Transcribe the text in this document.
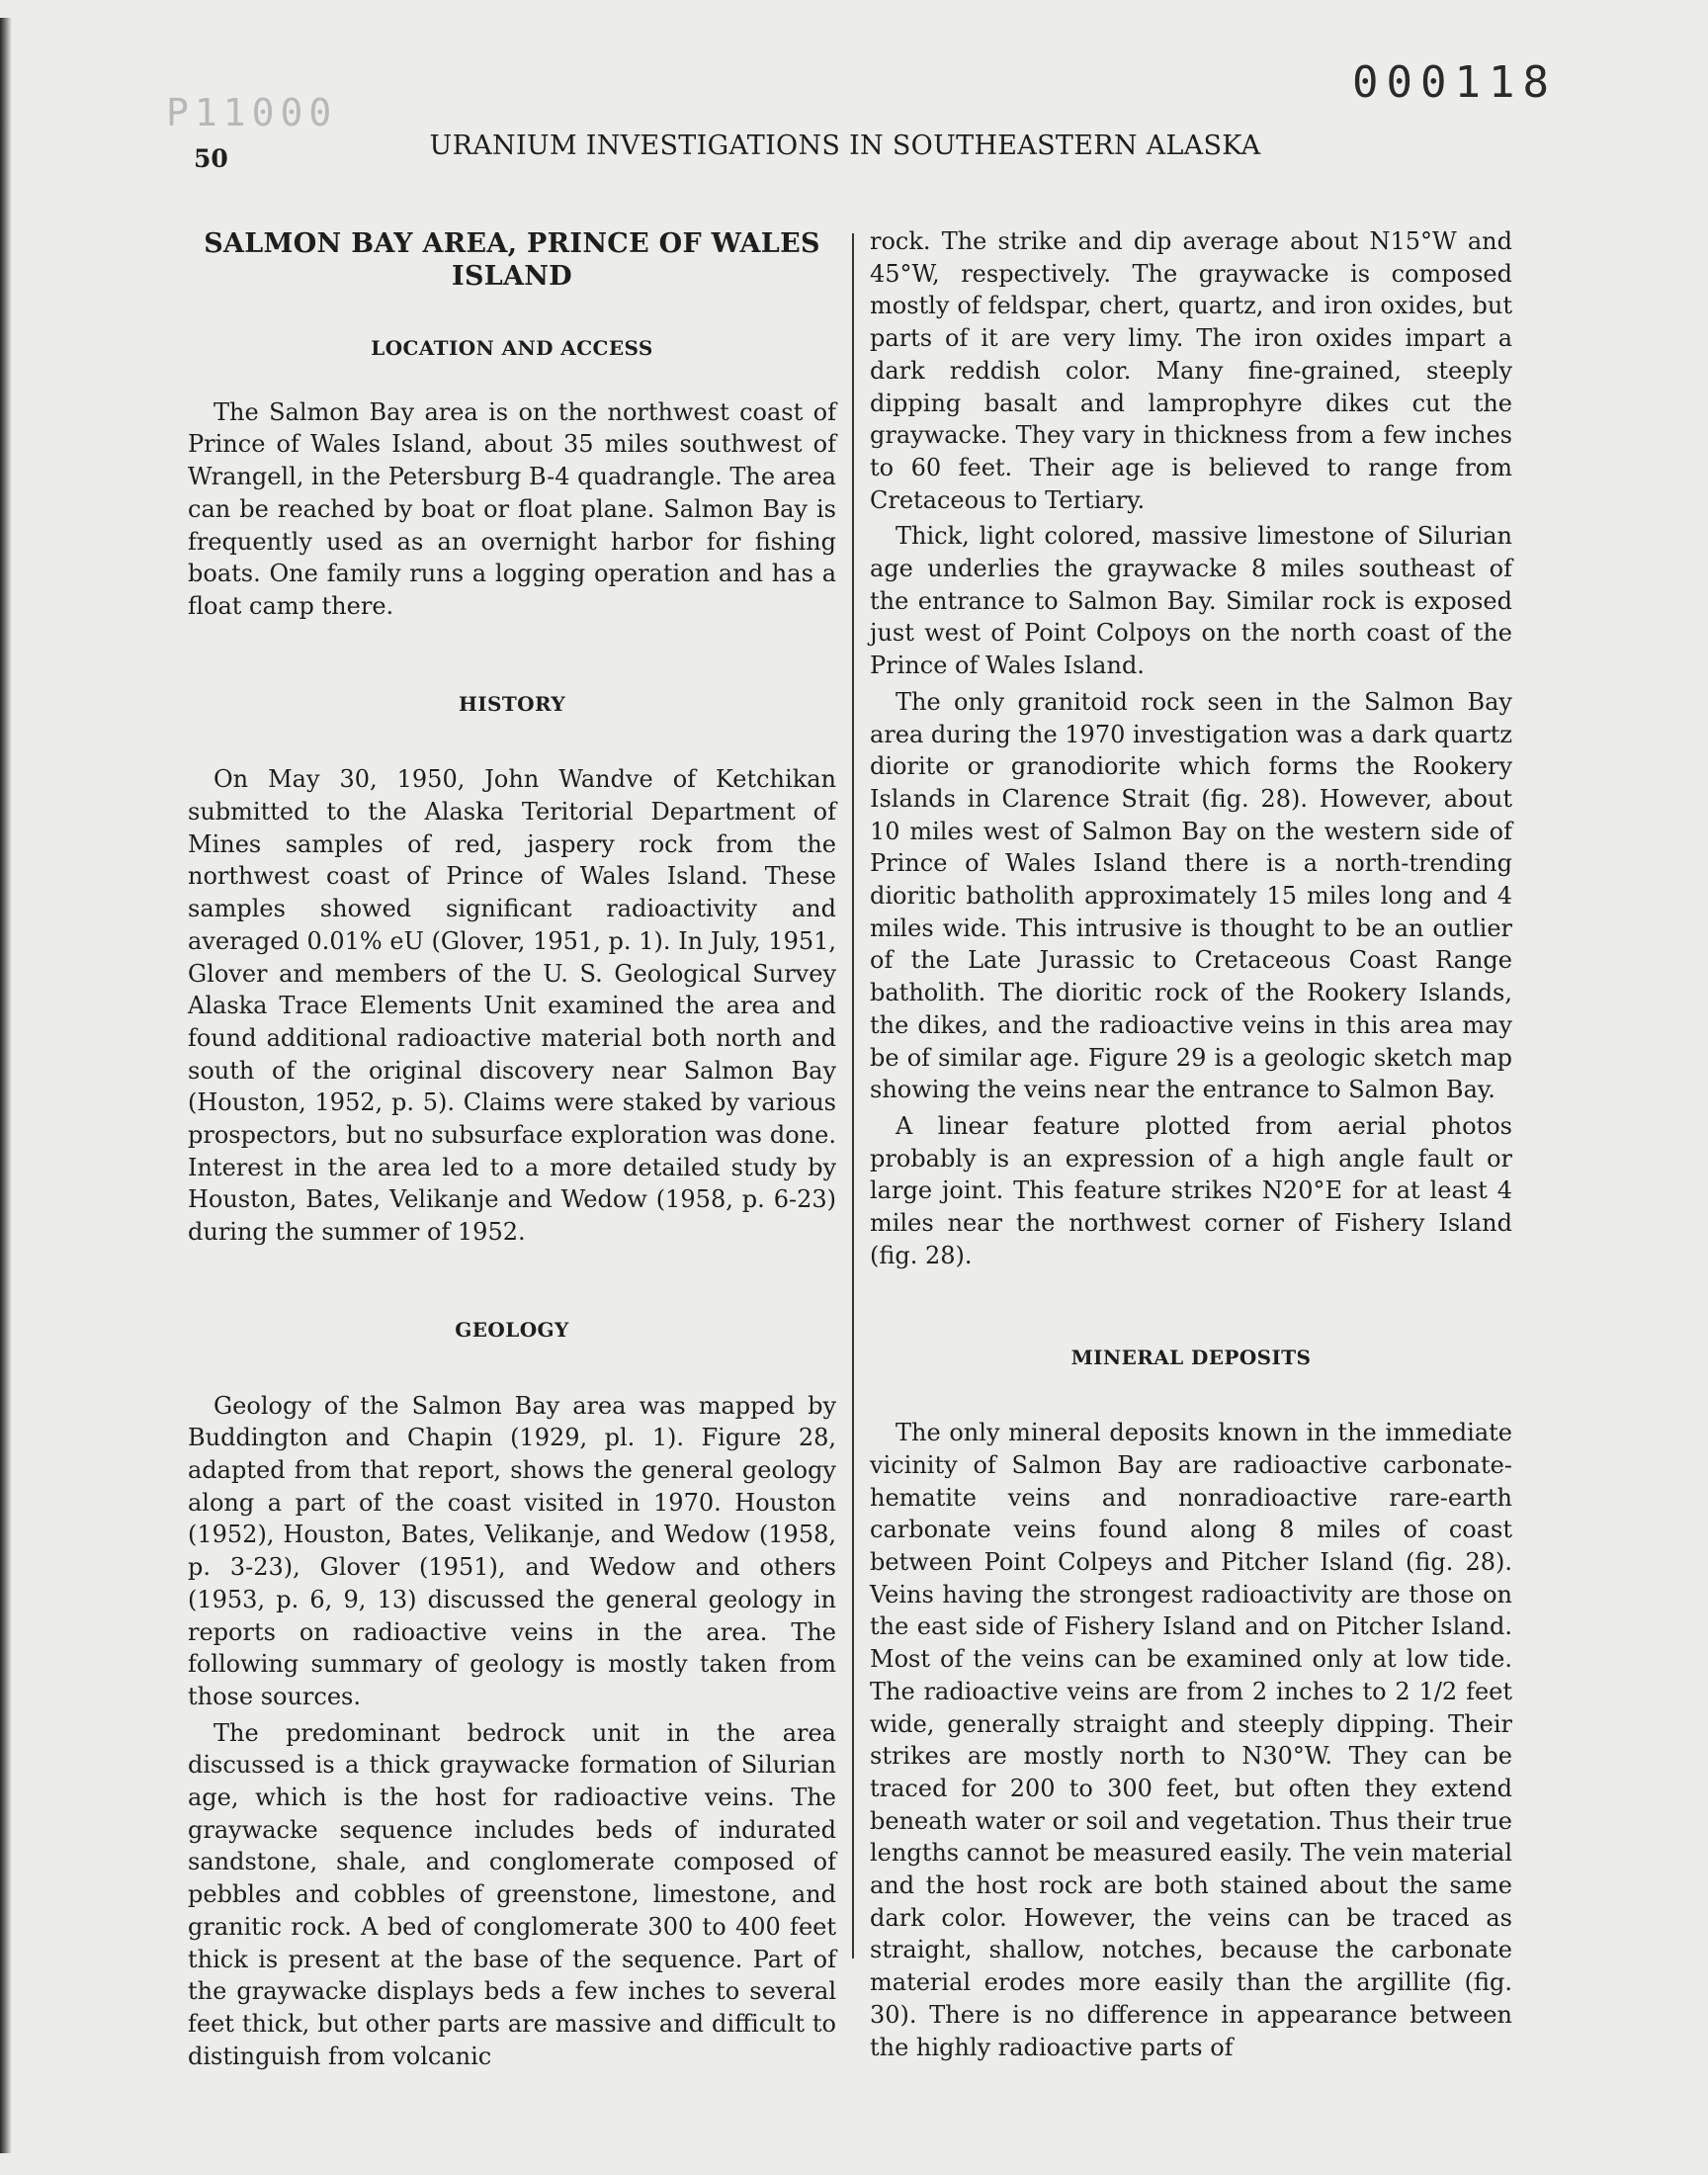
000118
P11000
50	URANIUM INVESTIGATIONS IN SOUTHEASTERN ALASKA
SALMON BAY AREA, PRINCE OF WALES
ISLAND
LOCATION AND ACCESS

The Salmon Bay area is on the northwest coast of Prince of Wales Island, about 35 miles southwest of Wrangell, in the Petersburg B-4 quadrangle. The area can be reached by boat or float plane. Salmon Bay is frequently used as an overnight harbor for fishing boats. One family runs a logging operation and has a float camp there.

HISTORY

On May 30, 1950, John Wandve of Ketchikan submitted to the Alaska Teritorial Department of Mines samples of red, jaspery rock from the northwest coast of Prince of Wales Island. These samples showed significant radioactivity and averaged 0.01% eU (Glover, 1951, p. 1). In July, 1951, Glover and members of the U. S. Geological Survey Alaska Trace Elements Unit examined the area and found additional radioactive material both north and south of the original discovery near Salmon Bay (Houston, 1952, p. 5). Claims were staked by various prospectors, but no subsurface exploration was done. Interest in the area led to a more detailed study by Houston, Bates, Velikanje and Wedow (1958, p. 6-23) during the summer of 1952.

GEOLOGY

Geology of the Salmon Bay area was mapped by Buddington and Chapin (1929, pl. 1). Figure 28, adapted from that report, shows the general geology along a part of the coast visited in 1970. Houston (1952), Houston, Bates, Velikanje, and Wedow (1958, p. 3-23), Glover (1951), and Wedow and others (1953, p. 6, 9, 13) discussed the general geology in reports on radioactive veins in the area. The following summary of geology is mostly taken from those sources.

The predominant bedrock unit in the area discussed is a thick graywacke formation of Silurian age, which is the host for radioactive veins. The graywacke sequence includes beds of indurated sandstone, shale, and conglomerate composed of pebbles and cobbles of greenstone, limestone, and granitic rock. A bed of conglomerate 300 to 400 feet thick is present at the base of the sequence. Part of the graywacke displays beds a few inches to several feet thick, but other parts are massive and difficult to distinguish from volcanic

rock. The strike and dip average about N15°W and 45°W, respectively. The graywacke is composed mostly of feldspar, chert, quartz, and iron oxides, but parts of it are very limy. The iron oxides impart a dark reddish color. Many fine-grained, steeply dipping basalt and lamprophyre dikes cut the graywacke. They vary in thickness from a few inches to 60 feet. Their age is believed to range from Cretaceous to Tertiary.

Thick, light colored, massive limestone of Silurian age underlies the graywacke 8 miles southeast of the entrance to Salmon Bay. Similar rock is exposed just west of Point Colpoys on the north coast of the Prince of Wales Island.

The only granitoid rock seen in the Salmon Bay area during the 1970 investigation was a dark quartz diorite or granodiorite which forms the Rookery Islands in Clarence Strait (fig. 28). However, about 10 miles west of Salmon Bay on the western side of Prince of Wales Island there is a north-trending dioritic batholith approximately 15 miles long and 4 miles wide. This intrusive is thought to be an outlier of the Late Jurassic to Cretaceous Coast Range batholith. The dioritic rock of the Rookery Islands, the dikes, and the radioactive veins in this area may be of similar age. Figure 29 is a geologic sketch map showing the veins near the entrance to Salmon Bay.

A linear feature plotted from aerial photos probably is an expression of a high angle fault or large joint. This feature strikes N20°E for at least 4 miles near the northwest corner of Fishery Island (fig. 28).

MINERAL DEPOSITS

The only mineral deposits known in the immediate vicinity of Salmon Bay are radioactive carbonate-hematite veins and nonradioactive rare-earth carbonate veins found along 8 miles of coast between Point Colpeys and Pitcher Island (fig. 28). Veins having the strongest radioactivity are those on the east side of Fishery Island and on Pitcher Island. Most of the veins can be examined only at low tide. The radioactive veins are from 2 inches to 2 1/2 feet wide, generally straight and steeply dipping. Their strikes are mostly north to N30°W. They can be traced for 200 to 300 feet, but often they extend beneath water or soil and vegetation. Thus their true lengths cannot be measured easily. The vein material and the host rock are both stained about the same dark color. However, the veins can be traced as straight, shallow, notches, because the carbonate material erodes more easily than the argillite (fig. 30). There is no difference in appearance between the highly radioactive parts of
